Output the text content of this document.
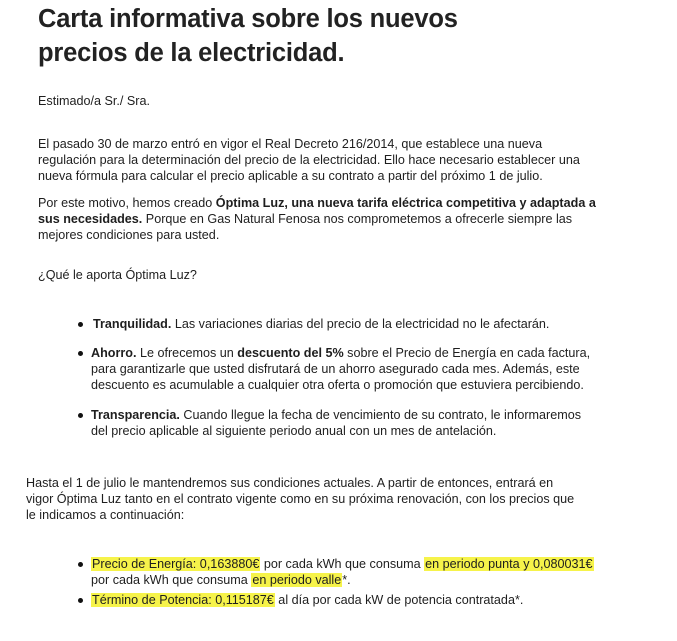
Carta informativa sobre los nuevos
precios de la electricidad.
Estimado/a Sr./ Sra.
El pasado 30 de marzo entró en vigor el Real Decreto 216/2014, que establece una nueva
regulación para la determinación del precio de la electricidad. Ello hace necesario establecer una
nueva fórmula para calcular el precio aplicable a su contrato a partir del próximo 1 de julio.
Por este motivo, hemos creado Óptima Luz, una nueva tarifa eléctrica competitiva y adaptada a
sus necesidades. Porque en Gas Natural Fenosa nos comprometemos a ofrecerle siempre las
mejores condiciones para usted.
¿Qué le aporta Óptima Luz?
Tranquilidad. Las variaciones diarias del precio de la electricidad no le afectarán.
Ahorro. Le ofrecemos un descuento del 5% sobre el Precio de Energía en cada factura,
para garantizarle que usted disfrutará de un ahorro asegurado cada mes. Además, este
descuento es acumulable a cualquier otra oferta o promoción que estuviera percibiendo.
Transparencia. Cuando llegue la fecha de vencimiento de su contrato, le informaremos
del precio aplicable al siguiente periodo anual con un mes de antelación.
Hasta el 1 de julio le mantendremos sus condiciones actuales. A partir de entonces, entrará en
vigor Óptima Luz tanto en el contrato vigente como en su próxima renovación, con los precios que
le indicamos a continuación:
Precio de Energía: 0,163880€ por cada kWh que consuma en periodo punta y 0,080031€
por cada kWh que consuma en periodo valle*.
Término de Potencia: 0,115187€ al día por cada kW de potencia contratada*.
